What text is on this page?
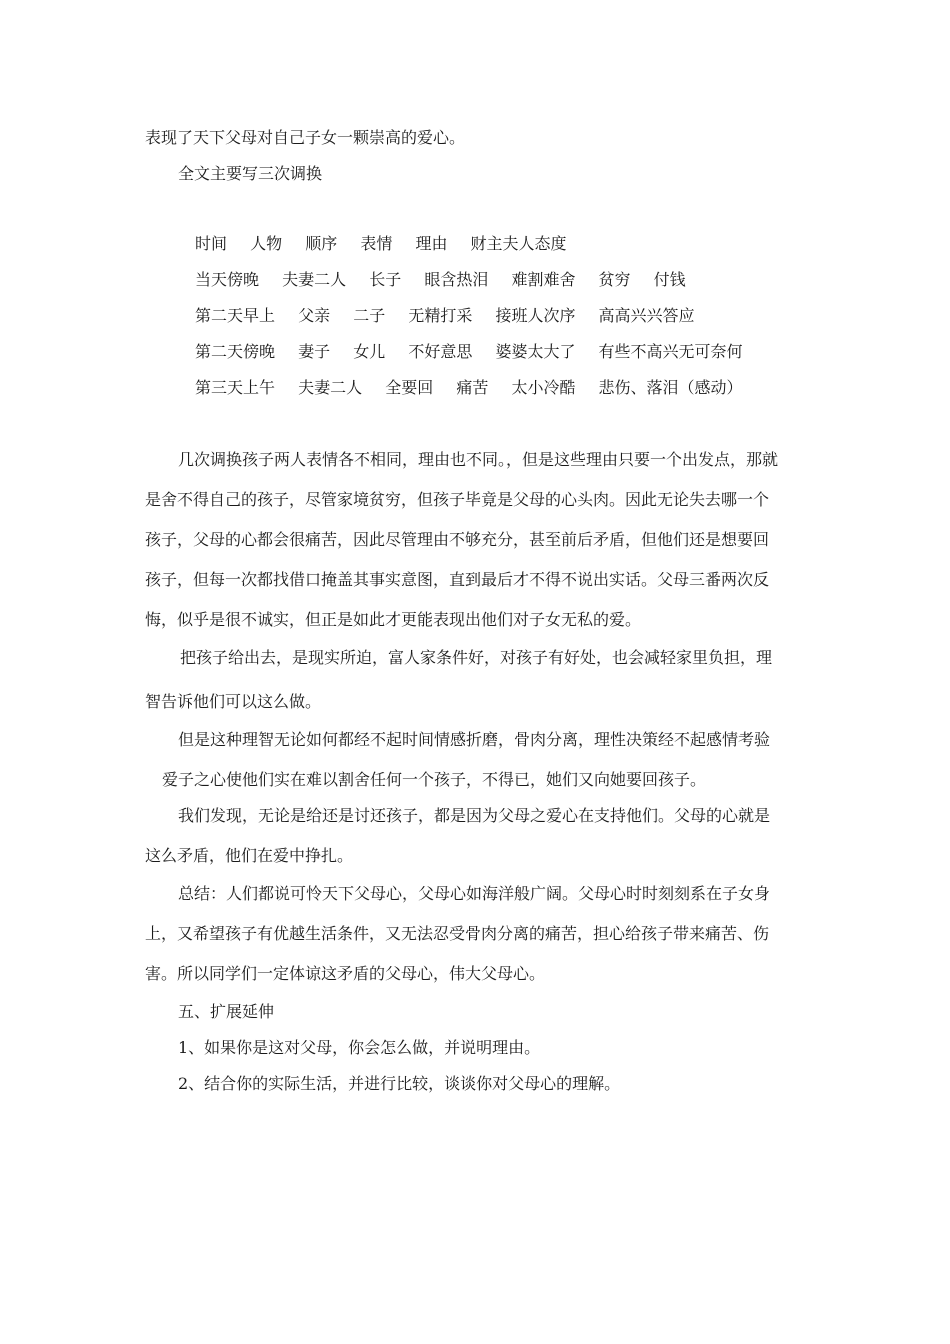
表现了天下父母对自己子女一颗崇高的爱心。
全文主要写三次调换
时间 人物 顺序 表情 理由 财主夫人态度
当天傍晚 夫妻二人 长子 眼含热泪 难割难舍 贫穷 付钱
第二天早上 父亲 二子 无精打采 接班人次序 高高兴兴答应
第二天傍晚 妻子 女儿 不好意思 婆婆太大了 有些不高兴无可奈何
第三天上午 夫妻二人 全要回 痛苦 太小冷酷 悲伤、落泪（感动）
几次调换孩子两人表情各不相同，理由也不同。，但是这些理由只要一个出发点，那就
是舍不得自己的孩子，尽管家境贫穷，但孩子毕竟是父母的心头肉。因此无论失去哪一个
孩子，父母的心都会很痛苦，因此尽管理由不够充分，甚至前后矛盾，但他们还是想要回
孩子，但每一次都找借口掩盖其事实意图，直到最后才不得不说出实话。父母三番两次反
悔，似乎是很不诚实，但正是如此才更能表现出他们对子女无私的爱。
把孩子给出去，是现实所迫，富人家条件好，对孩子有好处，也会减轻家里负担，理
智告诉他们可以这么做。
但是这种理智无论如何都经不起时间情感折磨，骨肉分离，理性决策经不起感情考验
爱子之心使他们实在难以割舍任何一个孩子，不得已，她们又向她要回孩子。
我们发现，无论是给还是讨还孩子，都是因为父母之爱心在支持他们。父母的心就是
这么矛盾，他们在爱中挣扎。
总结：人们都说可怜天下父母心，父母心如海洋般广阔。父母心时时刻刻系在子女身
上，又希望孩子有优越生活条件，又无法忍受骨肉分离的痛苦，担心给孩子带来痛苦、伤
害。所以同学们一定体谅这矛盾的父母心，伟大父母心。
五、扩展延伸
1、如果你是这对父母，你会怎么做，并说明理由。
2、结合你的实际生活，并进行比较，谈谈你对父母心的理解。
